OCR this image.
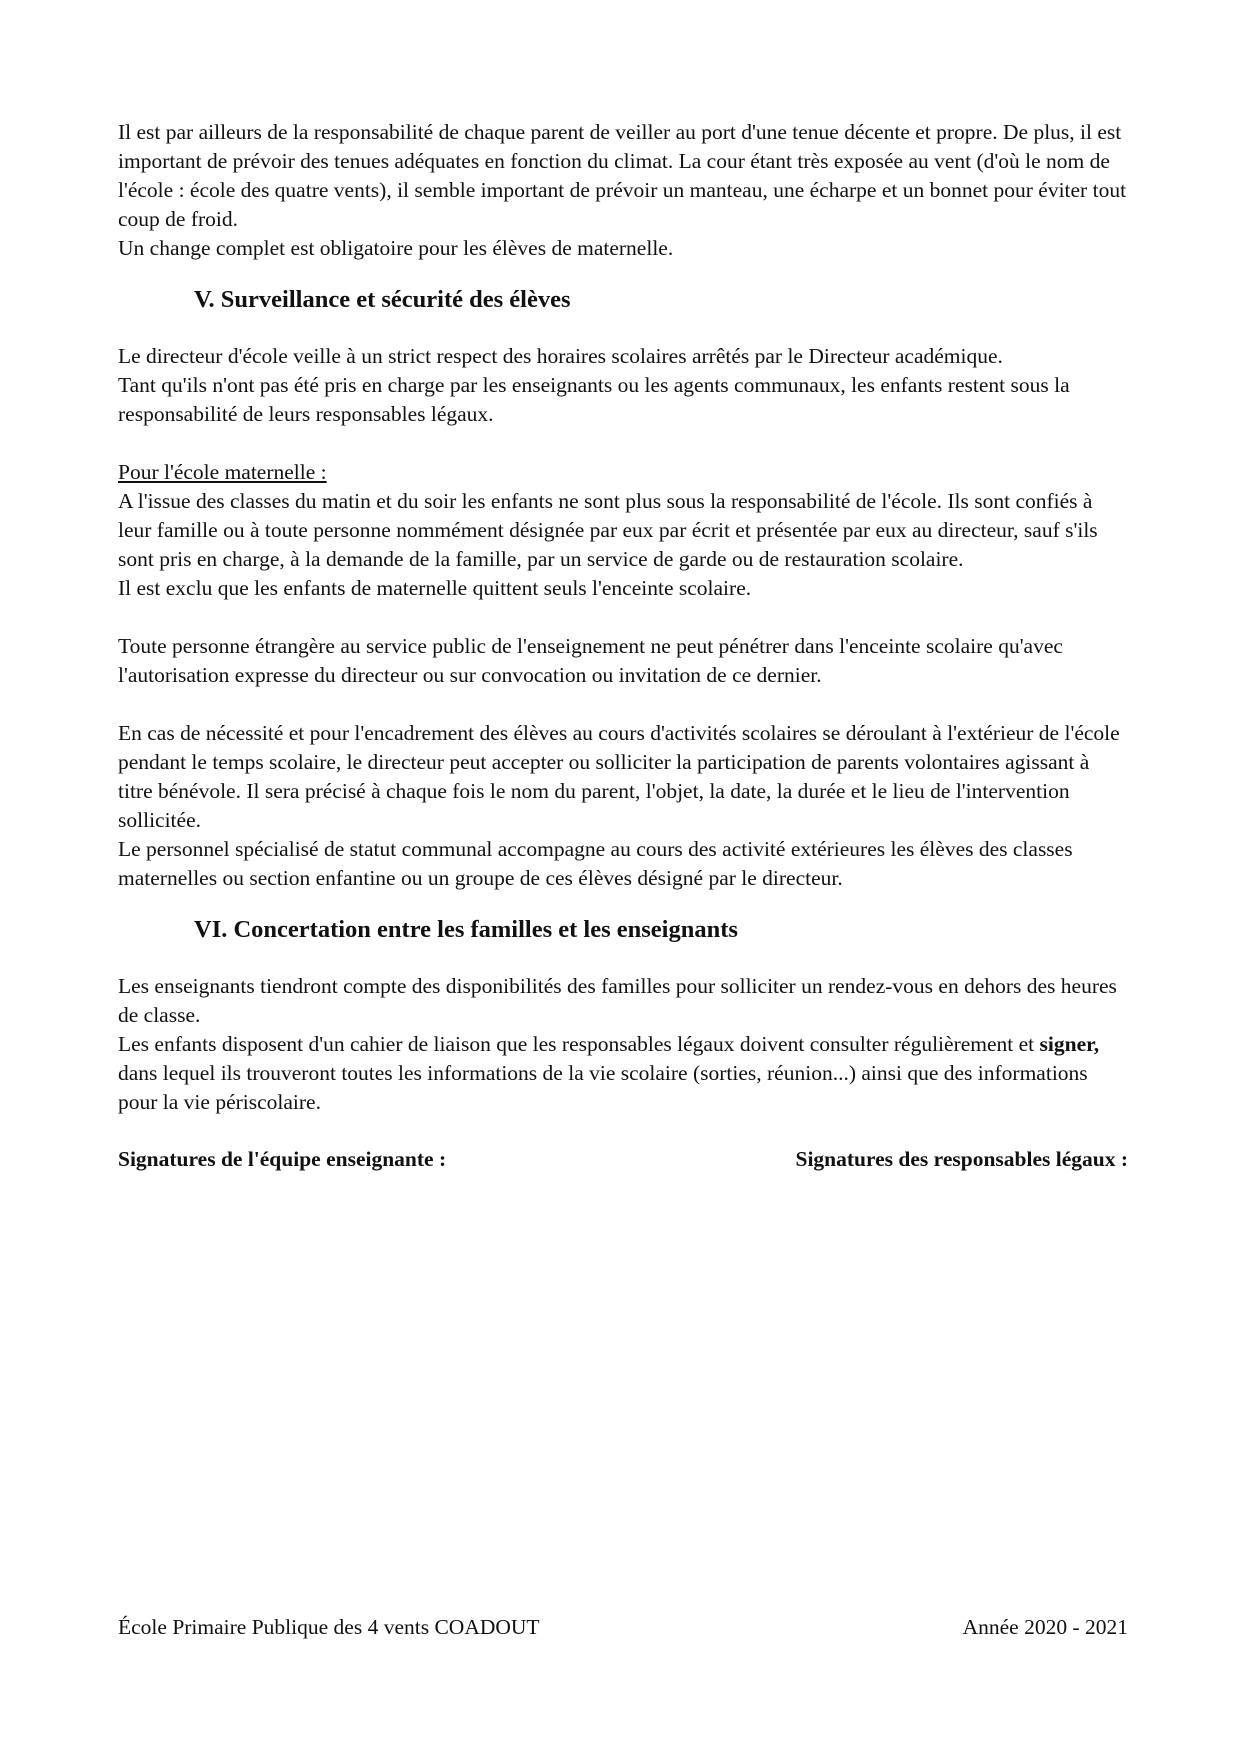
Il est par ailleurs de la responsabilité de chaque parent de veiller au port d'une tenue décente et propre. De plus, il est important de prévoir des tenues adéquates en fonction du climat. La cour étant très exposée au vent (d'où le nom de l'école : école des quatre vents), il semble important de prévoir un manteau, une écharpe et un bonnet pour éviter tout coup de froid.

Un change complet est obligatoire pour les élèves de maternelle.

V. Surveillance et sécurité des élèves

Le directeur d'école veille à un strict respect des horaires scolaires arrêtés par le Directeur académique.

Tant qu'ils n'ont pas été pris en charge par les enseignants ou les agents communaux, les enfants restent sous la responsabilité de leurs responsables légaux.

Pour l'école maternelle :

A l'issue des classes du matin et du soir les enfants ne sont plus sous la responsabilité de l'école. Ils sont confiés à leur famille ou à toute personne nommément désignée par eux par écrit et présentée par eux au directeur, sauf s'ils sont pris en charge, à la demande de la famille, par un service de garde ou de restauration scolaire.

Il est exclu que les enfants de maternelle quittent seuls l'enceinte scolaire.

Toute personne étrangère au service public de l'enseignement ne peut pénétrer dans l'enceinte scolaire qu'avec l'autorisation expresse du directeur ou sur convocation ou invitation de ce dernier.

En cas de nécessité et pour l'encadrement des élèves au cours d'activités scolaires se déroulant à l'extérieur de l'école pendant le temps scolaire, le directeur peut accepter ou solliciter la participation de parents volontaires agissant à titre bénévole. Il sera précisé à chaque fois le nom du parent, l'objet, la date, la durée et le lieu de l'intervention sollicitée.

Le personnel spécialisé de statut communal accompagne au cours des activité extérieures les élèves des classes maternelles ou section enfantine ou un groupe de ces élèves désigné par le directeur.

VI. Concertation entre les familles et les enseignants

Les enseignants tiendront compte des disponibilités des familles pour solliciter un rendez-vous en dehors des heures de classe.

Les enfants disposent d'un cahier de liaison que les responsables légaux doivent consulter régulièrement et signer, dans lequel ils trouveront toutes les informations de la vie scolaire (sorties, réunion...) ainsi que des informations pour la vie périscolaire.

Signatures de l'équipe enseignante :	Signatures des responsables légaux :
École Primaire Publique des 4 vents COADOUT	Année 2020 - 2021
